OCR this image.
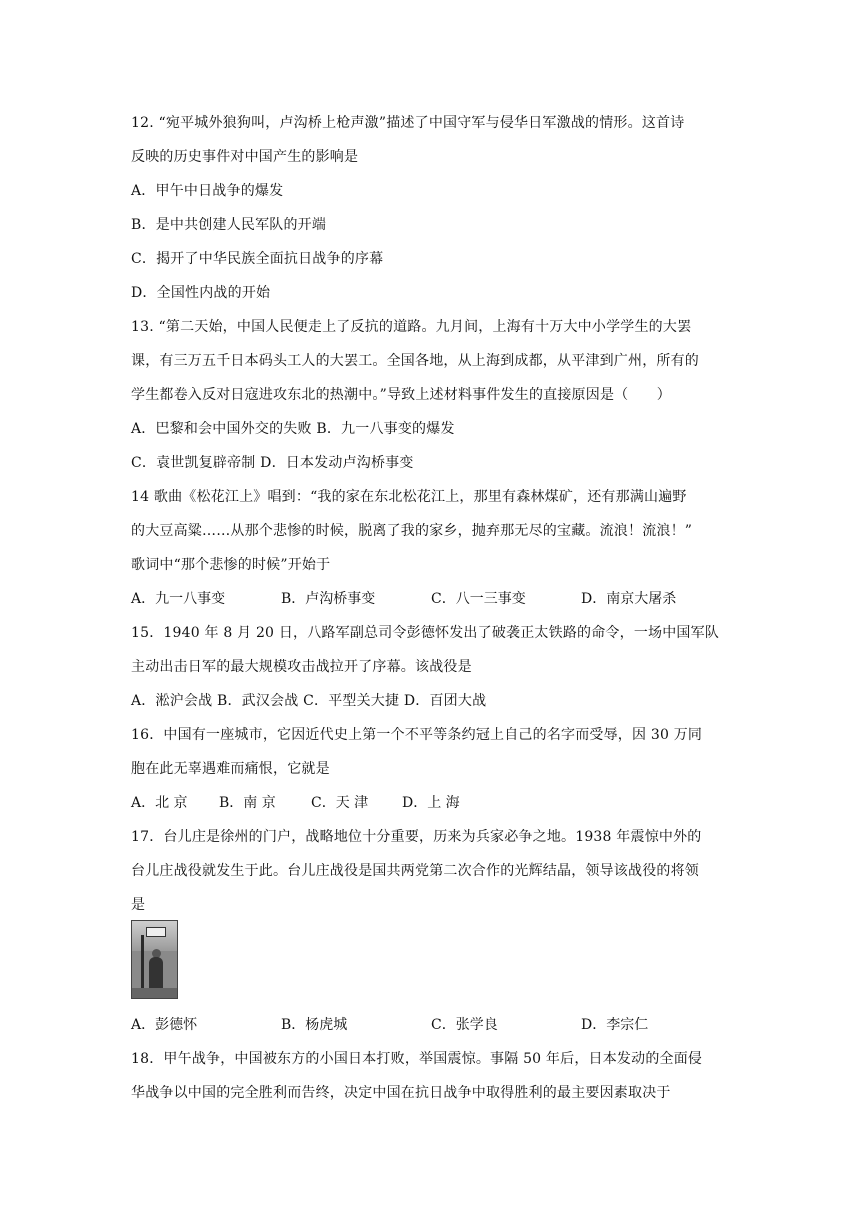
12. “宛平城外狼狗叫，卢沟桥上枪声激”描述了中国守军与侵华日军激战的情形。这首诗
反映的历史事件对中国产生的影响是
A．甲午中日战争的爆发
B．是中共创建人民军队的开端
C．揭开了中华民族全面抗日战争的序幕
D．全国性内战的开始
13. “第二天始，中国人民便走上了反抗的道路。九月间，上海有十万大中小学学生的大罢
课，有三万五千日本码头工人的大罢工。全国各地，从上海到成都，从平津到广州，所有的
学生都卷入反对日寇进攻东北的热潮中。”导致上述材料事件发生的直接原因是（　　）
A．巴黎和会中国外交的失败 B．九一八事变的爆发
C．袁世凯复辟帝制 D．日本发动卢沟桥事变
14 歌曲《松花江上》唱到：“我的家在东北松花江上，那里有森林煤矿，还有那满山遍野
的大豆高粱……从那个悲惨的时候，脱离了我的家乡，抛弃那无尽的宝藏。流浪！流浪！”
歌词中“那个悲惨的时候”开始于
A．九一八事变	B．卢沟桥事变	C．八一三事变	D．南京大屠杀
15．1940 年 8 月 20 日，八路军副总司令彭德怀发出了破袭正太铁路的命令，一场中国军队
主动出击日军的最大规模攻击战拉开了序幕。该战役是
A．淞沪会战 B．武汉会战 C．平型关大捷 D．百团大战
16．中国有一座城市，它因近代史上第一个不平等条约冠上自己的名字而受辱，因 30 万同
胞在此无辜遇难而痛恨，它就是
A．北 京 B．南 京	C．天 津 D．上 海
17．台儿庄是徐州的门户，战略地位十分重要，历来为兵家必争之地。1938 年震惊中外的
台儿庄战役就发生于此。台儿庄战役是国共两党第二次合作的光辉结晶，领导该战役的将领
是
A．彭德怀	B．杨虎城	C．张学良	D．李宗仁
18．甲午战争，中国被东方的小国日本打败，举国震惊。事隔 50 年后，日本发动的全面侵
华战争以中国的完全胜利而告终，决定中国在抗日战争中取得胜利的最主要因素取决于
